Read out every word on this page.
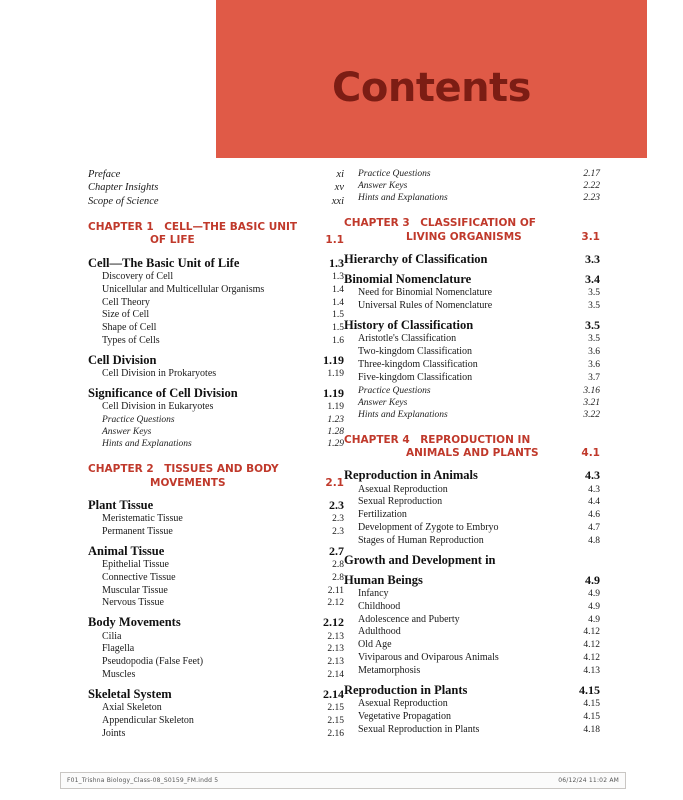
Contents
Preface	xi
Chapter Insights	xv
Scope of Science	xxi
CHAPTER 1  CELL—THE BASIC UNIT
OF LIFE	1.1
Cell—The Basic Unit of Life	1.3
Discovery of Cell	1.3
Unicellular and Multicellular Organisms	1.4
Cell Theory	1.4
Size of Cell	1.5
Shape of Cell	1.5
Types of Cells	1.6
Cell Division	1.19
Cell Division in Prokaryotes	1.19
Significance of Cell Division	1.19
Cell Division in Eukaryotes	1.19
Practice Questions	1.23
Answer Keys	1.28
Hints and Explanations	1.29
CHAPTER 2  TISSUES AND BODY
MOVEMENTS	2.1
Plant Tissue	2.3
Meristematic Tissue	2.3
Permanent Tissue	2.3
Animal Tissue	2.7
Epithelial Tissue	2.8
Connective Tissue	2.8
Muscular Tissue	2.11
Nervous Tissue	2.12
Body Movements	2.12
Cilia	2.13
Flagella	2.13
Pseudopodia (False Feet)	2.13
Muscles	2.14
Skeletal System	2.14
Axial Skeleton	2.15
Appendicular Skeleton	2.15
Joints	2.16
Practice Questions	2.17
Answer Keys	2.22
Hints and Explanations	2.23
CHAPTER 3  CLASSIFICATION OF
LIVING ORGANISMS	3.1
Hierarchy of Classification	3.3
Binomial Nomenclature	3.4
Need for Binomial Nomenclature	3.5
Universal Rules of Nomenclature	3.5
History of Classification	3.5
Aristotle's Classification	3.5
Two-kingdom Classification	3.6
Three-kingdom Classification	3.6
Five-kingdom Classification	3.7
Practice Questions	3.16
Answer Keys	3.21
Hints and Explanations	3.22
CHAPTER 4  REPRODUCTION IN
ANIMALS AND PLANTS	4.1
Reproduction in Animals	4.3
Asexual Reproduction	4.3
Sexual Reproduction	4.4
Fertilization	4.6
Development of Zygote to Embryo	4.7
Stages of Human Reproduction	4.8
Growth and Development in
Human Beings	4.9
Infancy	4.9
Childhood	4.9
Adolescence and Puberty	4.9
Adulthood	4.12
Old Age	4.12
Viviparous and Oviparous Animals	4.12
Metamorphosis	4.13
Reproduction in Plants	4.15
Asexual Reproduction	4.15
Vegetative Propagation	4.15
Sexual Reproduction in Plants	4.18
F01_Trishna Biology_Class-08_S0159_FM.indd 5	06/12/24 11:02 AM
